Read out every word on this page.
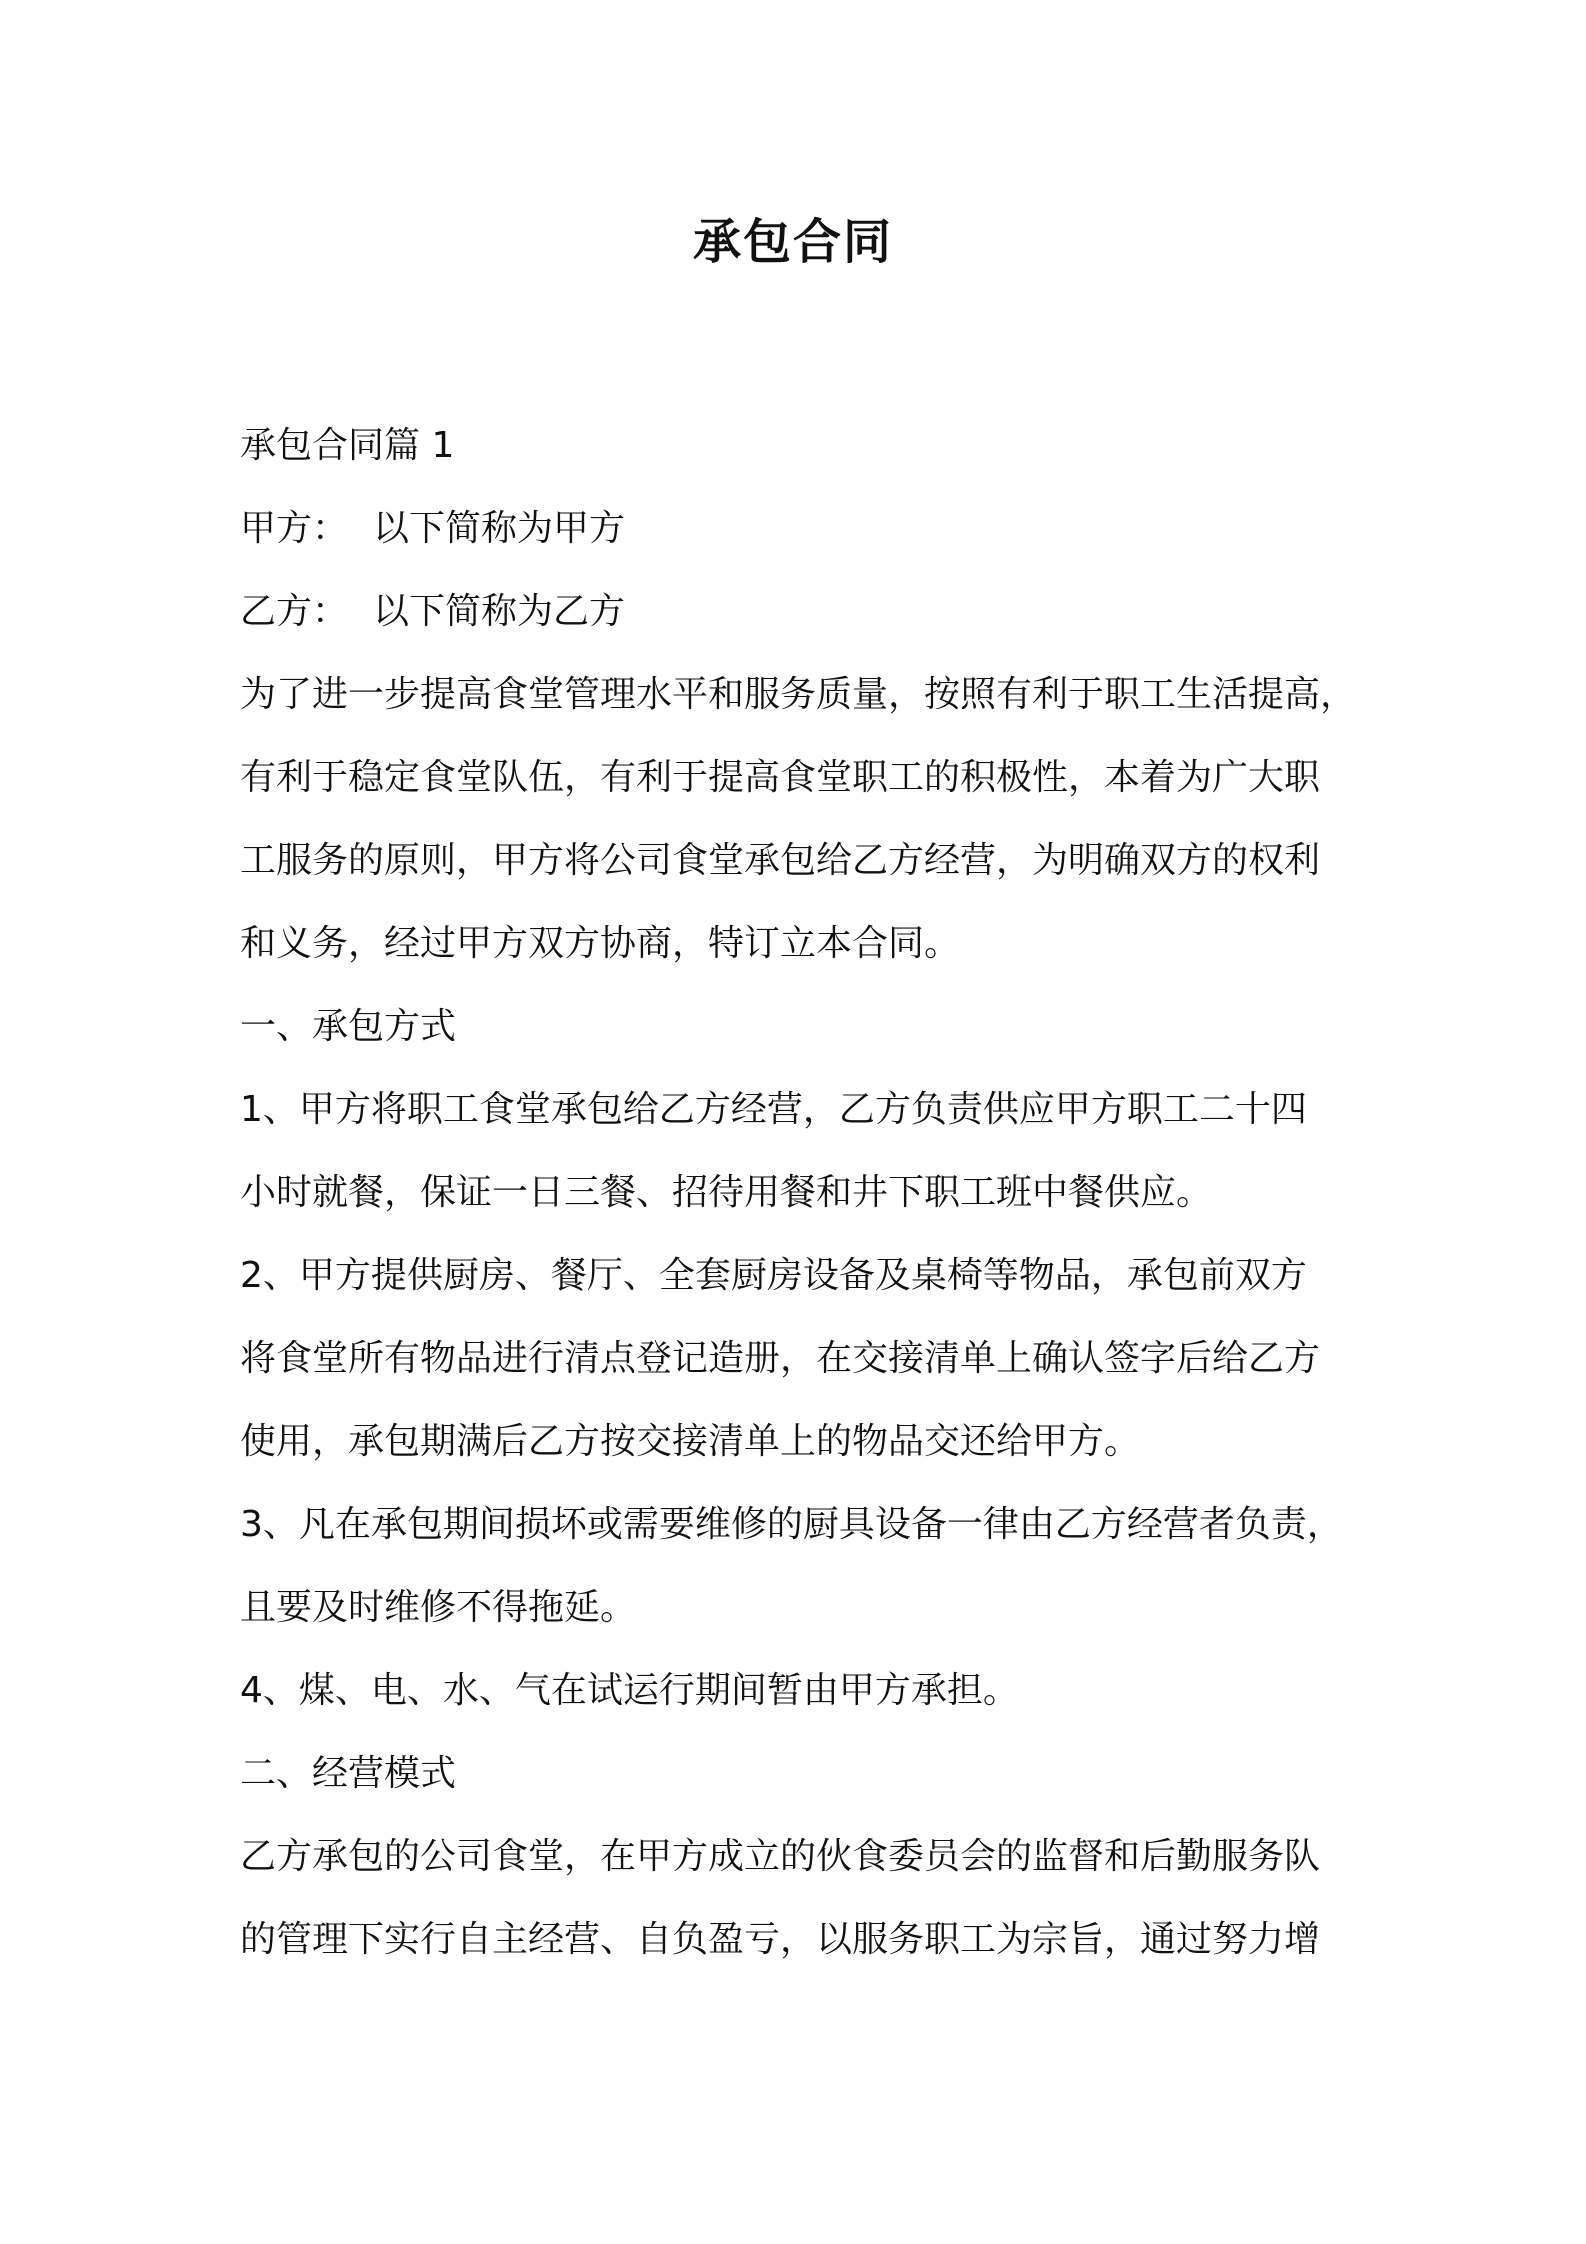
承包合同
承包合同篇 1
甲方： 以下简称为甲方
乙方： 以下简称为乙方
为了进一步提高食堂管理水平和服务质量，按照有利于职工生活提高，
有利于稳定食堂队伍，有利于提高食堂职工的积极性，本着为广大职
工服务的原则，甲方将公司食堂承包给乙方经营，为明确双方的权利
和义务，经过甲方双方协商，特订立本合同。
一、承包方式
1、甲方将职工食堂承包给乙方经营，乙方负责供应甲方职工二十四
小时就餐，保证一日三餐、招待用餐和井下职工班中餐供应。
2、甲方提供厨房、餐厅、全套厨房设备及桌椅等物品，承包前双方
将食堂所有物品进行清点登记造册，在交接清单上确认签字后给乙方
使用，承包期满后乙方按交接清单上的物品交还给甲方。
3、凡在承包期间损坏或需要维修的厨具设备一律由乙方经营者负责，
且要及时维修不得拖延。
4、煤、电、水、气在试运行期间暂由甲方承担。
二、经营模式
乙方承包的公司食堂，在甲方成立的伙食委员会的监督和后勤服务队
的管理下实行自主经营、自负盈亏，以服务职工为宗旨，通过努力增
